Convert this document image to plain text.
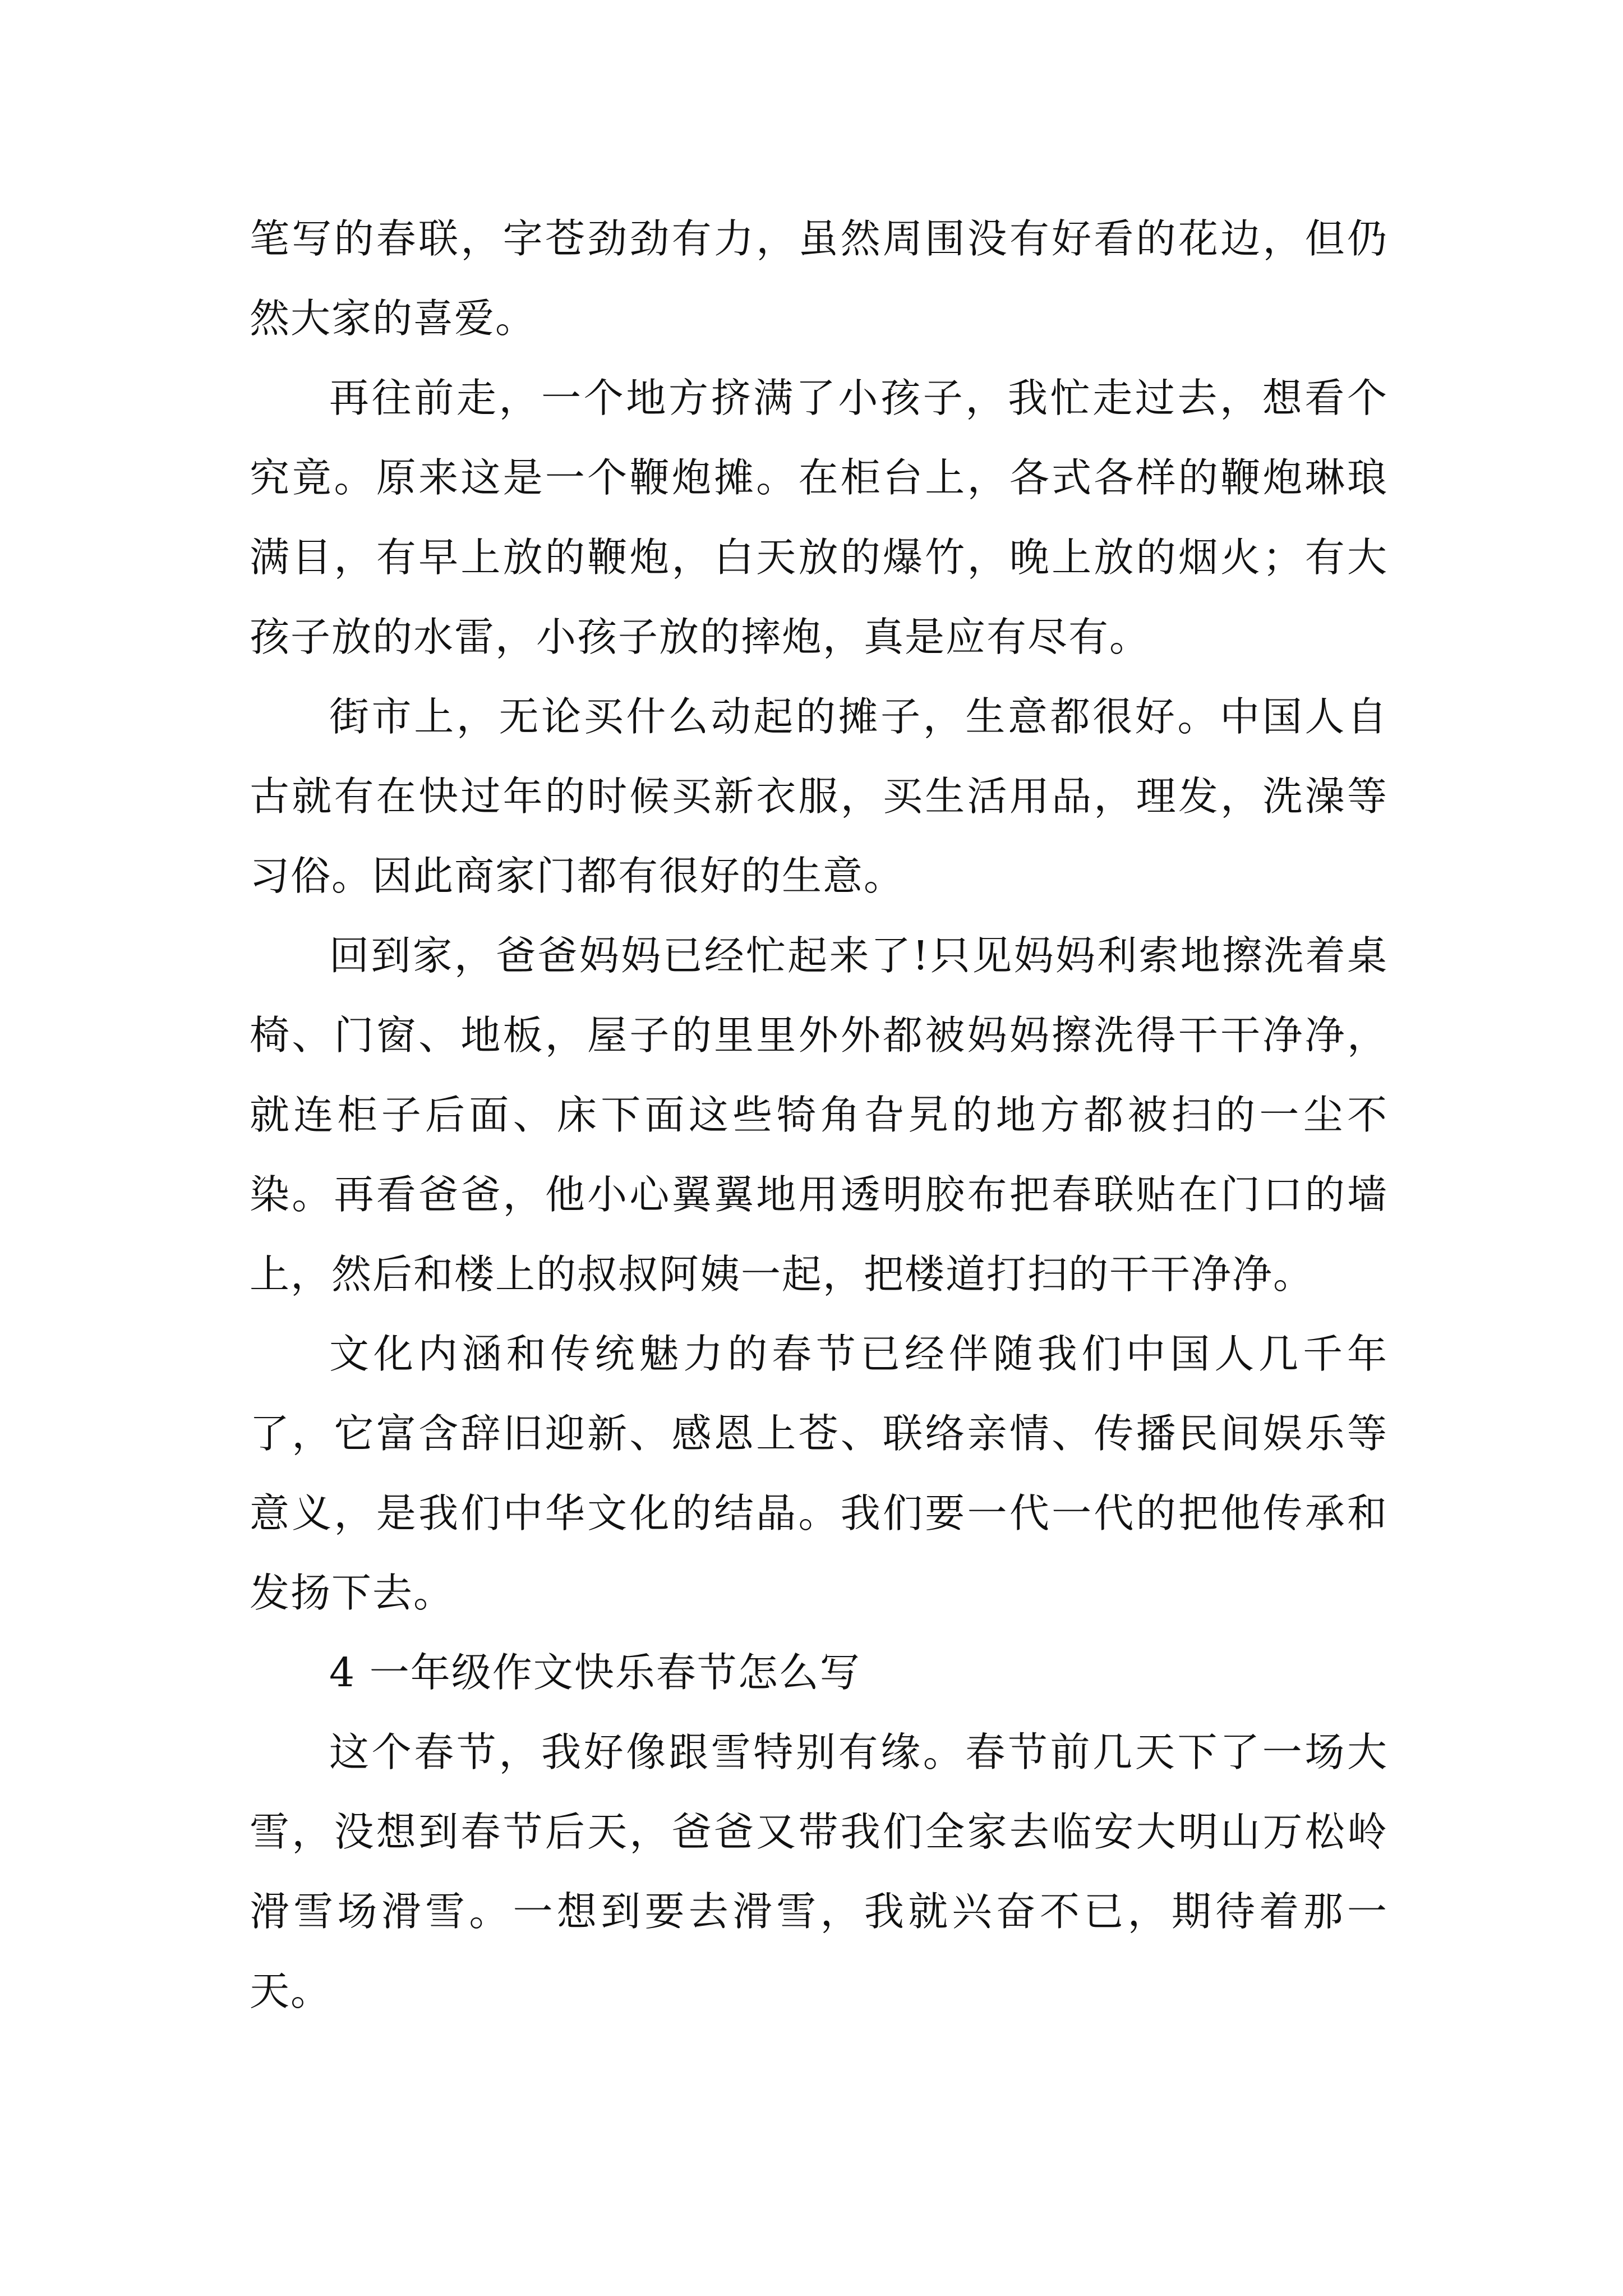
笔写的春联，字苍劲劲有力，虽然周围没有好看的花边，但仍然大家的喜爱。

再往前走，一个地方挤满了小孩子，我忙走过去，想看个究竟。原来这是一个鞭炮摊。在柜台上，各式各样的鞭炮琳琅满目，有早上放的鞭炮，白天放的爆竹，晚上放的烟火；有大孩子放的水雷，小孩子放的摔炮，真是应有尽有。

街市上，无论买什么动起的摊子，生意都很好。中国人自古就有在快过年的时候买新衣服，买生活用品，理发，洗澡等习俗。因此商家门都有很好的生意。

回到家，爸爸妈妈已经忙起来了!只见妈妈利索地擦洗着桌椅、门窗、地板，屋子的里里外外都被妈妈擦洗得干干净净，就连柜子后面、床下面这些犄角旮旯的地方都被扫的一尘不染。再看爸爸，他小心翼翼地用透明胶布把春联贴在门口的墙上，然后和楼上的叔叔阿姨一起，把楼道打扫的干干净净。

文化内涵和传统魅力的春节已经伴随我们中国人几千年了，它富含辞旧迎新、感恩上苍、联络亲情、传播民间娱乐等意义，是我们中华文化的结晶。我们要一代一代的把他传承和发扬下去。

4 一年级作文快乐春节怎么写

这个春节，我好像跟雪特别有缘。春节前几天下了一场大雪，没想到春节后天，爸爸又带我们全家去临安大明山万松岭滑雪场滑雪。一想到要去滑雪，我就兴奋不已，期待着那一天。
